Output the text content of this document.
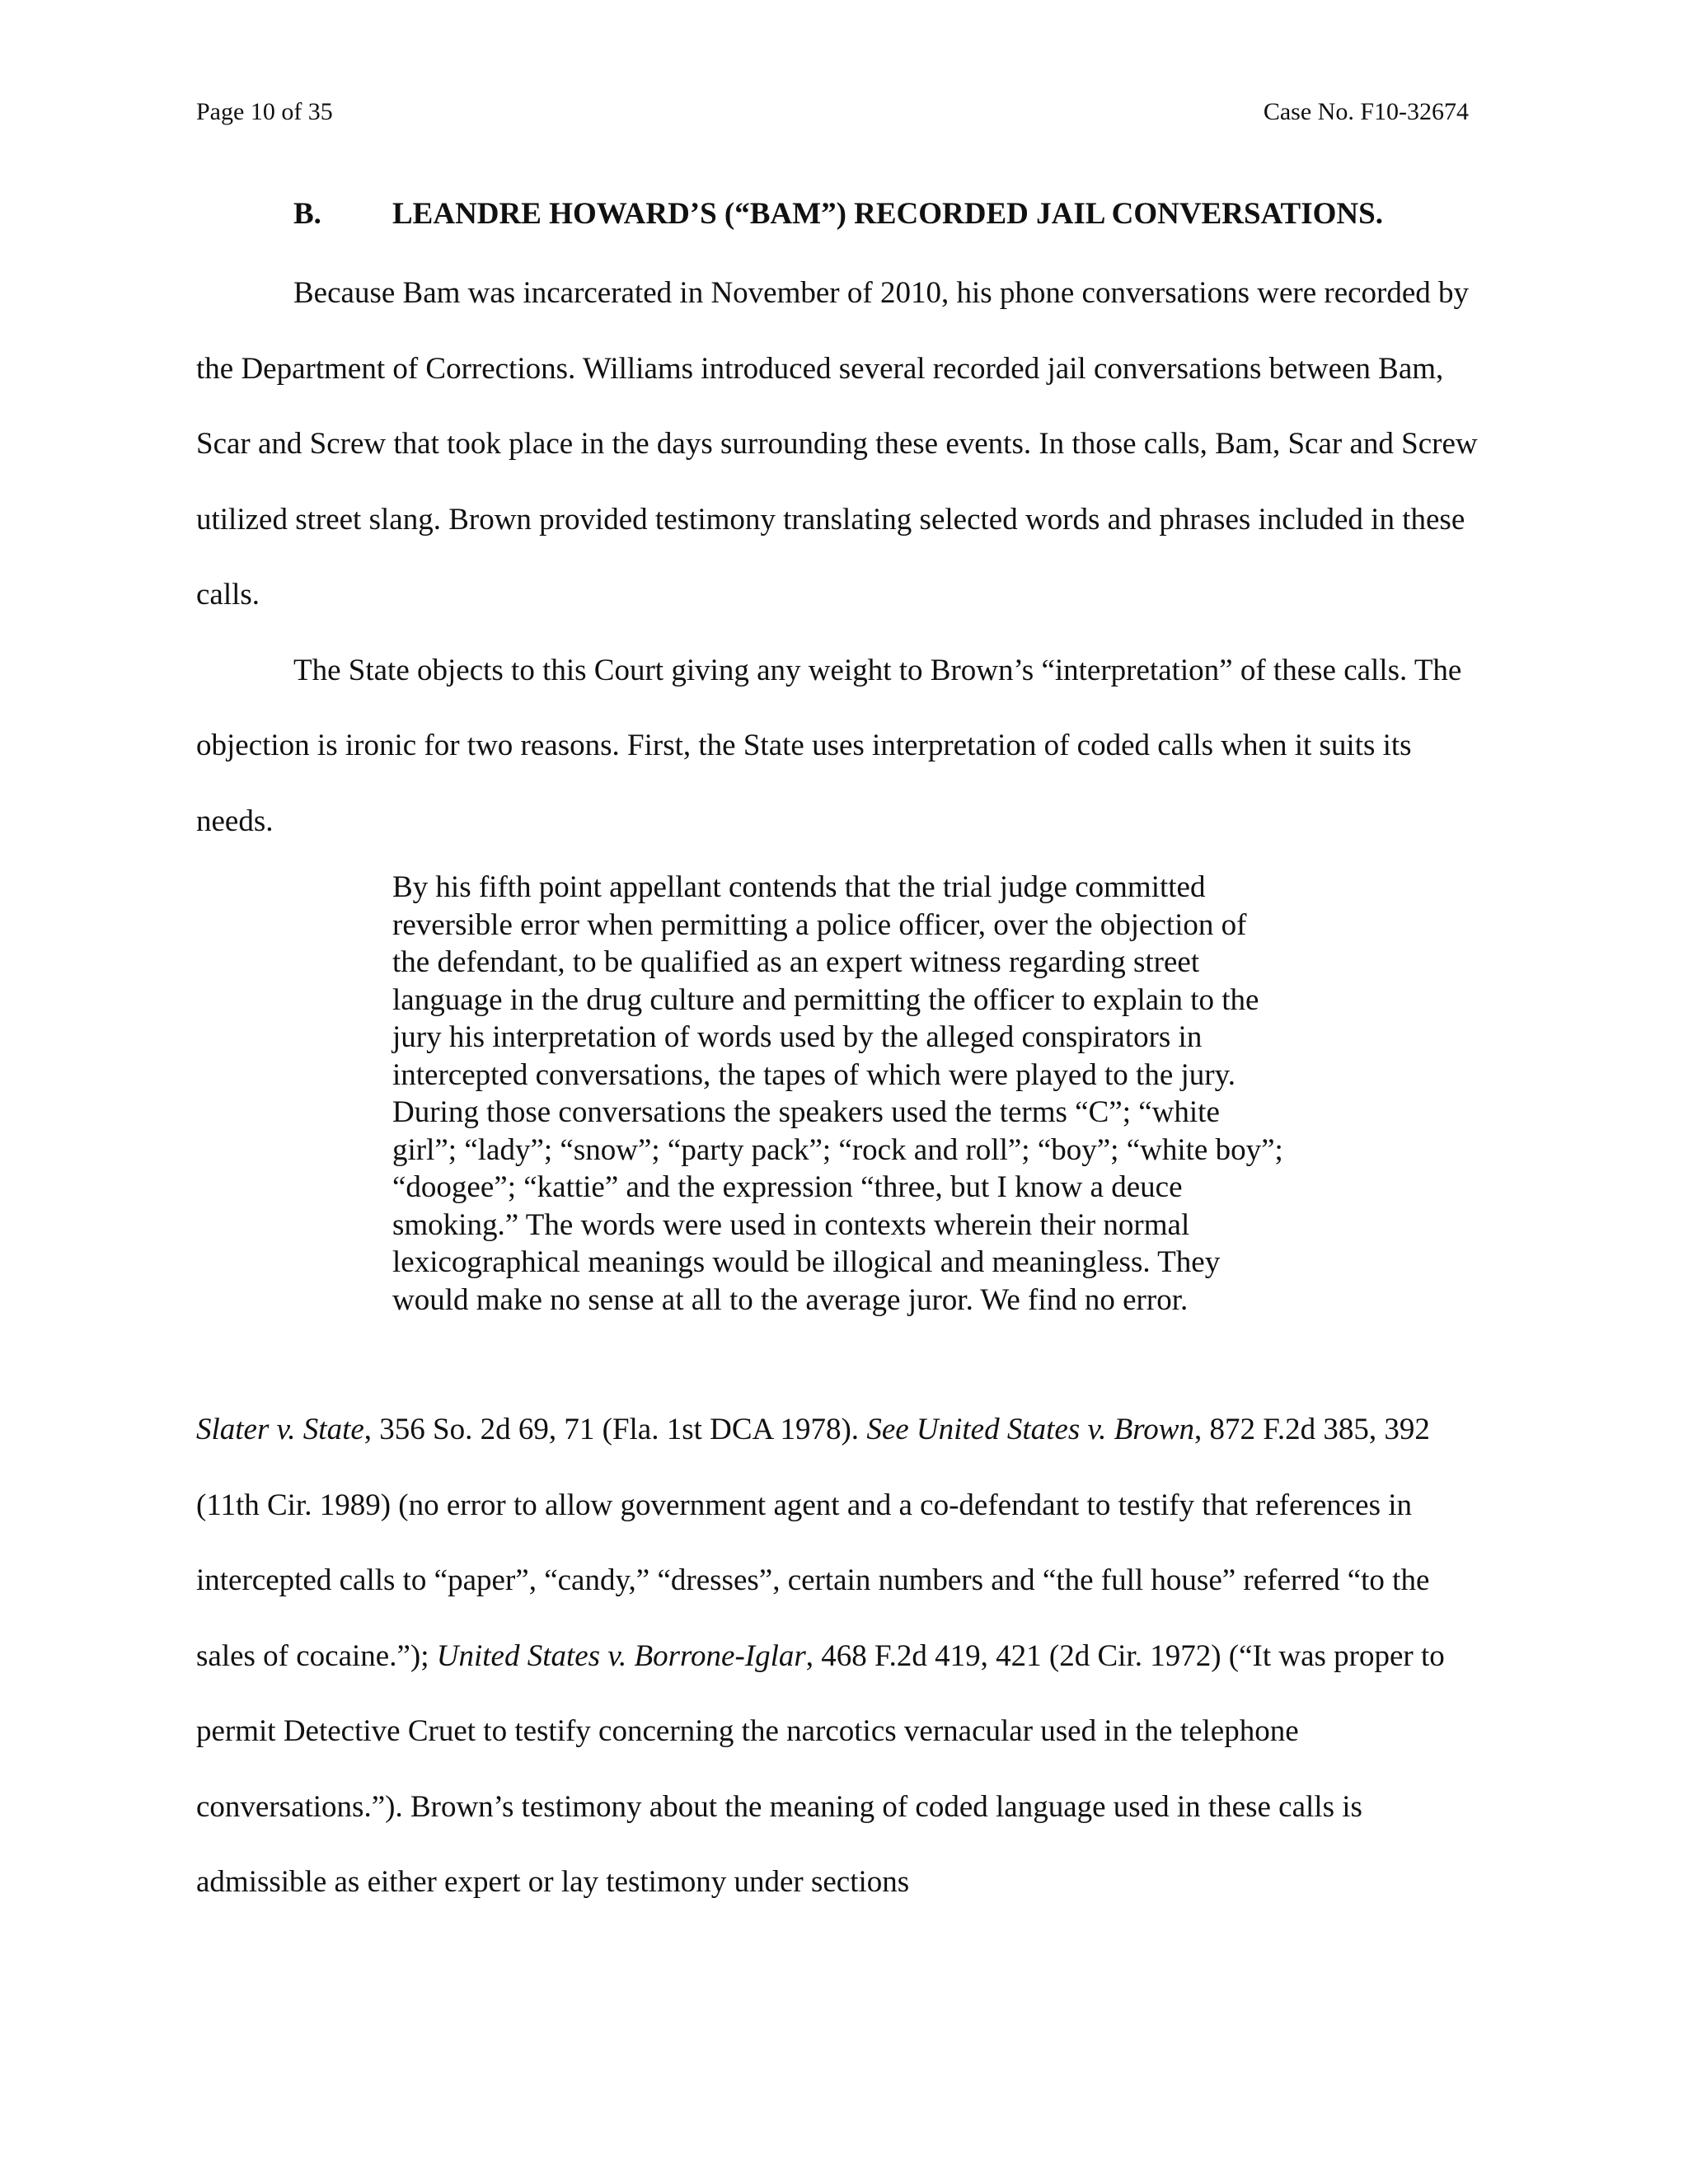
Page 10 of 35	Case No. F10-32674
B. LEANDRE HOWARD’S (“BAM”) RECORDED JAIL CONVERSATIONS.

Because Bam was incarcerated in November of 2010, his phone conversations were recorded by the Department of Corrections. Williams introduced several recorded jail conversations between Bam, Scar and Screw that took place in the days surrounding these events. In those calls, Bam, Scar and Screw utilized street slang. Brown provided testimony translating selected words and phrases included in these calls.

The State objects to this Court giving any weight to Brown’s “interpretation” of these calls. The objection is ironic for two reasons. First, the State uses interpretation of coded calls when it suits its needs.

By his fifth point appellant contends that the trial judge committed reversible error when permitting a police officer, over the objection of the defendant, to be qualified as an expert witness regarding street language in the drug culture and permitting the officer to explain to the jury his interpretation of words used by the alleged conspirators in intercepted conversations, the tapes of which were played to the jury. During those conversations the speakers used the terms “C”; “white girl”; “lady”; “snow”; “party pack”; “rock and roll”; “boy”; “white boy”; “doogee”; “kattie” and the expression “three, but I know a deuce smoking.” The words were used in contexts wherein their normal lexicographical meanings would be illogical and meaningless. They would make no sense at all to the average juror. We find no error.

Slater v. State, 356 So. 2d 69, 71 (Fla. 1st DCA 1978). See United States v. Brown, 872 F.2d 385, 392 (11th Cir. 1989) (no error to allow government agent and a co-defendant to testify that references in intercepted calls to “paper”, “candy,” “dresses”, certain numbers and “the full house” referred “to the sales of cocaine.”); United States v. Borrone-Iglar, 468 F.2d 419, 421 (2d Cir. 1972) (“It was proper to permit Detective Cruet to testify concerning the narcotics vernacular used in the telephone conversations.”). Brown’s testimony about the meaning of coded language used in these calls is admissible as either expert or lay testimony under sections
